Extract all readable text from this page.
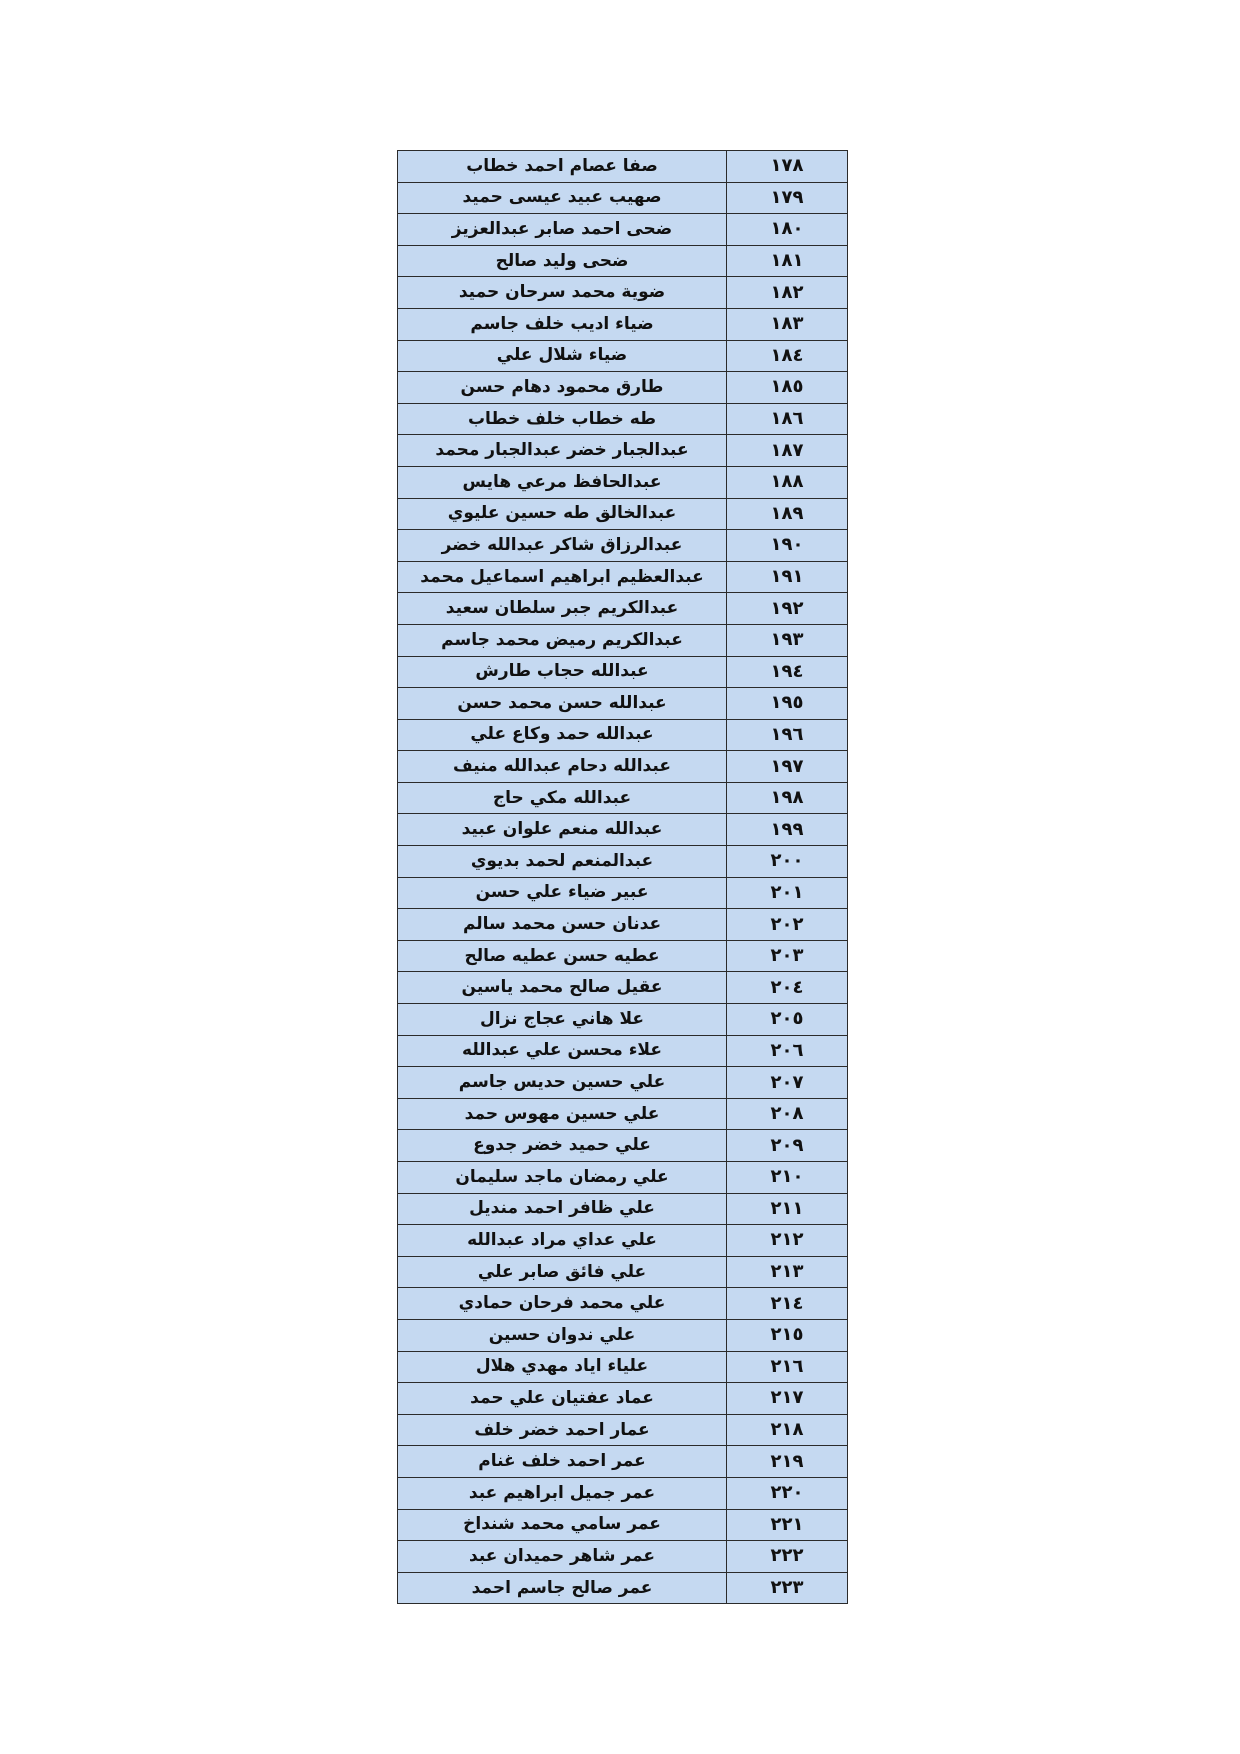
صفا عصام احمد خطاب	١٧٨
صهيب عبيد عيسى حميد	١٧٩
ضحى احمد صابر عبدالعزيز	١٨٠
ضحى وليد صالح	١٨١
ضوية محمد سرحان حميد	١٨٢
ضياء اديب خلف جاسم	١٨٣
ضياء شلال علي	١٨٤
طارق محمود دهام حسن	١٨٥
طه خطاب خلف خطاب	١٨٦
عبدالجبار خضر عبدالجبار محمد	١٨٧
عبدالحافظ مرعي هايس	١٨٨
عبدالخالق طه حسين عليوي	١٨٩
عبدالرزاق شاكر عبدالله خضر	١٩٠
عبدالعظيم ابراهيم اسماعيل محمد	١٩١
عبدالكريم جبر سلطان سعيد	١٩٢
عبدالكريم رميض محمد جاسم	١٩٣
عبدالله حجاب طارش	١٩٤
عبدالله حسن محمد حسن	١٩٥
عبدالله حمد وكاع علي	١٩٦
عبدالله دحام عبدالله منيف	١٩٧
عبدالله مكي حاج	١٩٨
عبدالله منعم علوان عبيد	١٩٩
عبدالمنعم لحمد بديوي	٢٠٠
عبير ضياء علي حسن	٢٠١
عدنان حسن محمد سالم	٢٠٢
عطيه حسن عطيه صالح	٢٠٣
عقيل صالح محمد ياسين	٢٠٤
علا هاني عجاج نزال	٢٠٥
علاء محسن علي عبدالله	٢٠٦
علي حسين حديس جاسم	٢٠٧
علي حسين مهوس حمد	٢٠٨
علي حميد خضر جدوع	٢٠٩
علي رمضان ماجد سليمان	٢١٠
علي ظافر احمد منديل	٢١١
علي عداي مراد عبدالله	٢١٢
علي فائق صابر علي	٢١٣
علي محمد فرحان حمادي	٢١٤
علي ندوان حسين	٢١٥
علياء اياد مهدي هلال	٢١٦
عماد عفتيان علي حمد	٢١٧
عمار احمد خضر خلف	٢١٨
عمر احمد خلف غنام	٢١٩
عمر جميل ابراهيم عبد	٢٢٠
عمر سامي محمد شنداخ	٢٢١
عمر شاهر حميدان عبد	٢٢٢
عمر صالح جاسم احمد	٢٢٣
